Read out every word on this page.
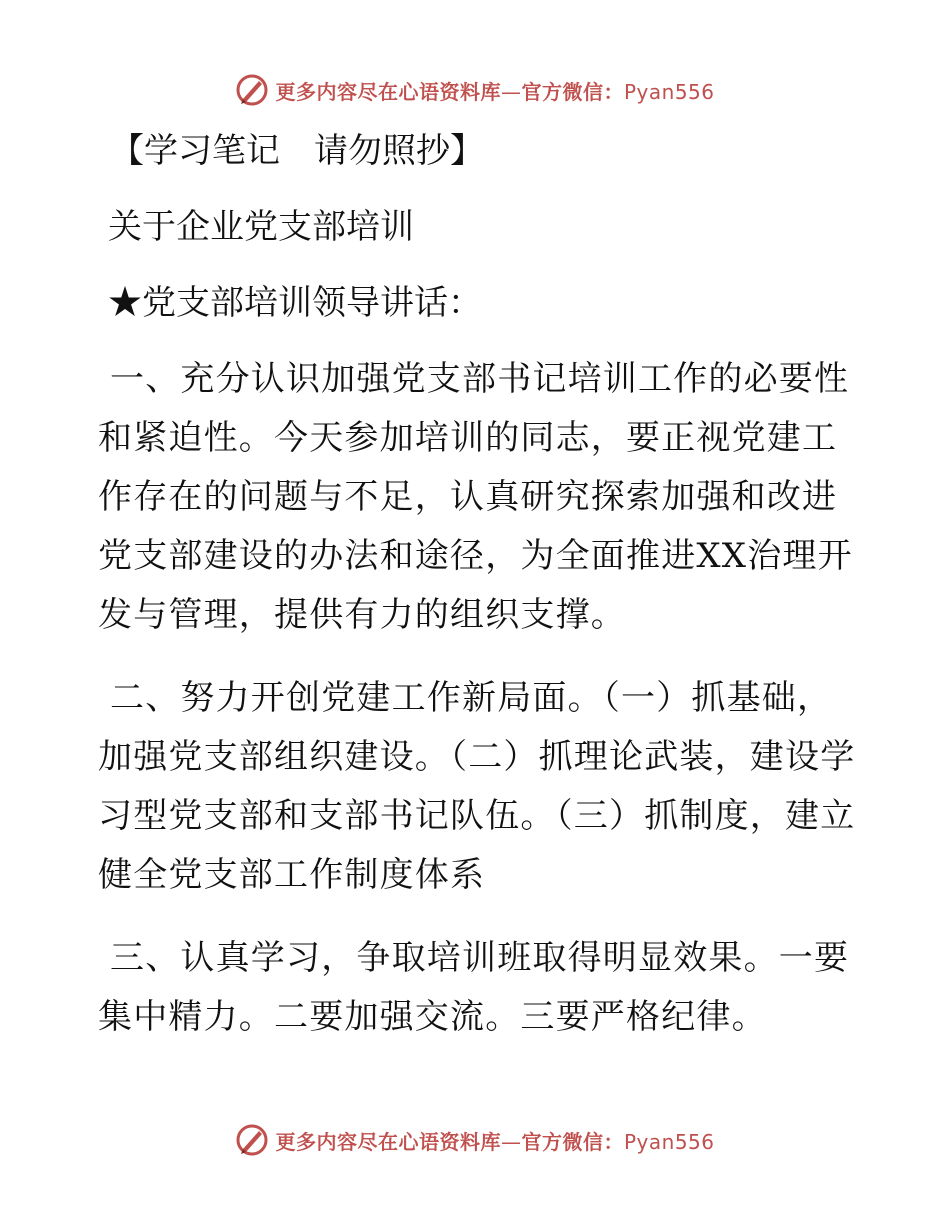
更多内容尽在心语资料库—官方微信：Pyan556

【学习笔记　请勿照抄】

关于企业党支部培训

★党支部培训领导讲话：

一、充分认识加强党支部书记培训工作的必要性和紧迫性。今天参加培训的同志，要正视党建工作存在的问题与不足，认真研究探索加强和改进党支部建设的办法和途径，为全面推进XX治理开发与管理，提供有力的组织支撑。

二、努力开创党建工作新局面。（一）抓基础，加强党支部组织建设。（二）抓理论武装，建设学习型党支部和支部书记队伍。（三）抓制度，建立健全党支部工作制度体系

三、认真学习，争取培训班取得明显效果。一要集中精力。二要加强交流。三要严格纪律。

更多内容尽在心语资料库—官方微信：Pyan556
